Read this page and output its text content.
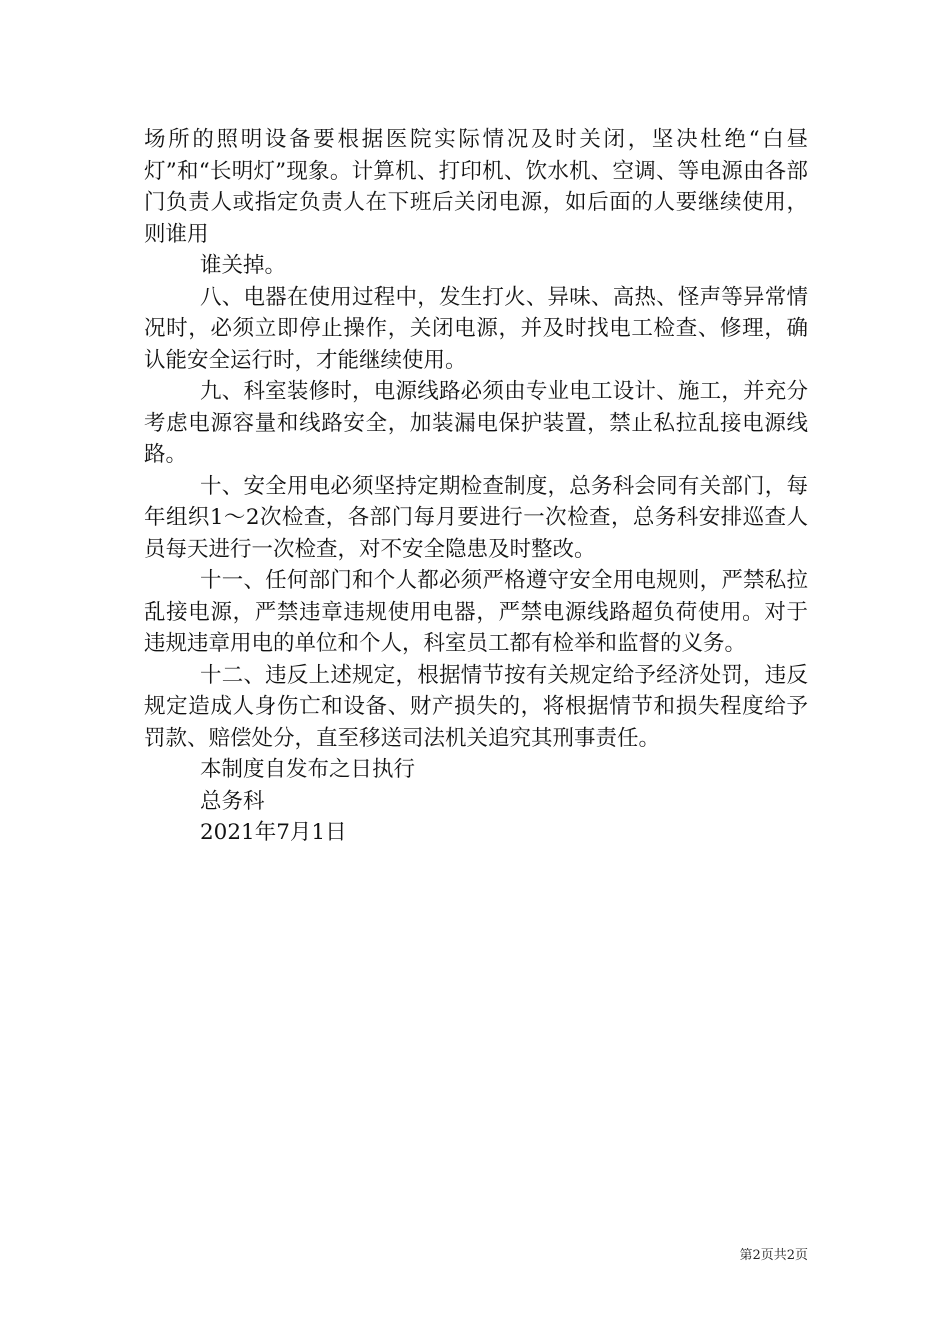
场所的照明设备要根据医院实际情况及时关闭，坚决杜绝“白昼灯”和“长明灯”现象。计算机、打印机、饮水机、空调、等电源由各部门负责人或指定负责人在下班后关闭电源，如后面的人要继续使用，则谁用

谁关掉。

八、电器在使用过程中，发生打火、异味、高热、怪声等异常情况时，必须立即停止操作，关闭电源，并及时找电工检查、修理，确认能安全运行时，才能继续使用。

九、科室装修时，电源线路必须由专业电工设计、施工，并充分考虑电源容量和线路安全，加装漏电保护装置，禁止私拉乱接电源线路。

十、安全用电必须坚持定期检查制度，总务科会同有关部门，每年组织1～2次检查，各部门每月要进行一次检查，总务科安排巡查人员每天进行一次检查，对不安全隐患及时整改。

十一、任何部门和个人都必须严格遵守安全用电规则，严禁私拉乱接电源，严禁违章违规使用电器，严禁电源线路超负荷使用。对于违规违章用电的单位和个人，科室员工都有检举和监督的义务。

十二、违反上述规定，根据情节按有关规定给予经济处罚，违反规定造成人身伤亡和设备、财产损失的，将根据情节和损失程度给予罚款、赔偿处分，直至移送司法机关追究其刑事责任。

本制度自发布之日执行
总务科
2021年7月1日
第2页共2页
